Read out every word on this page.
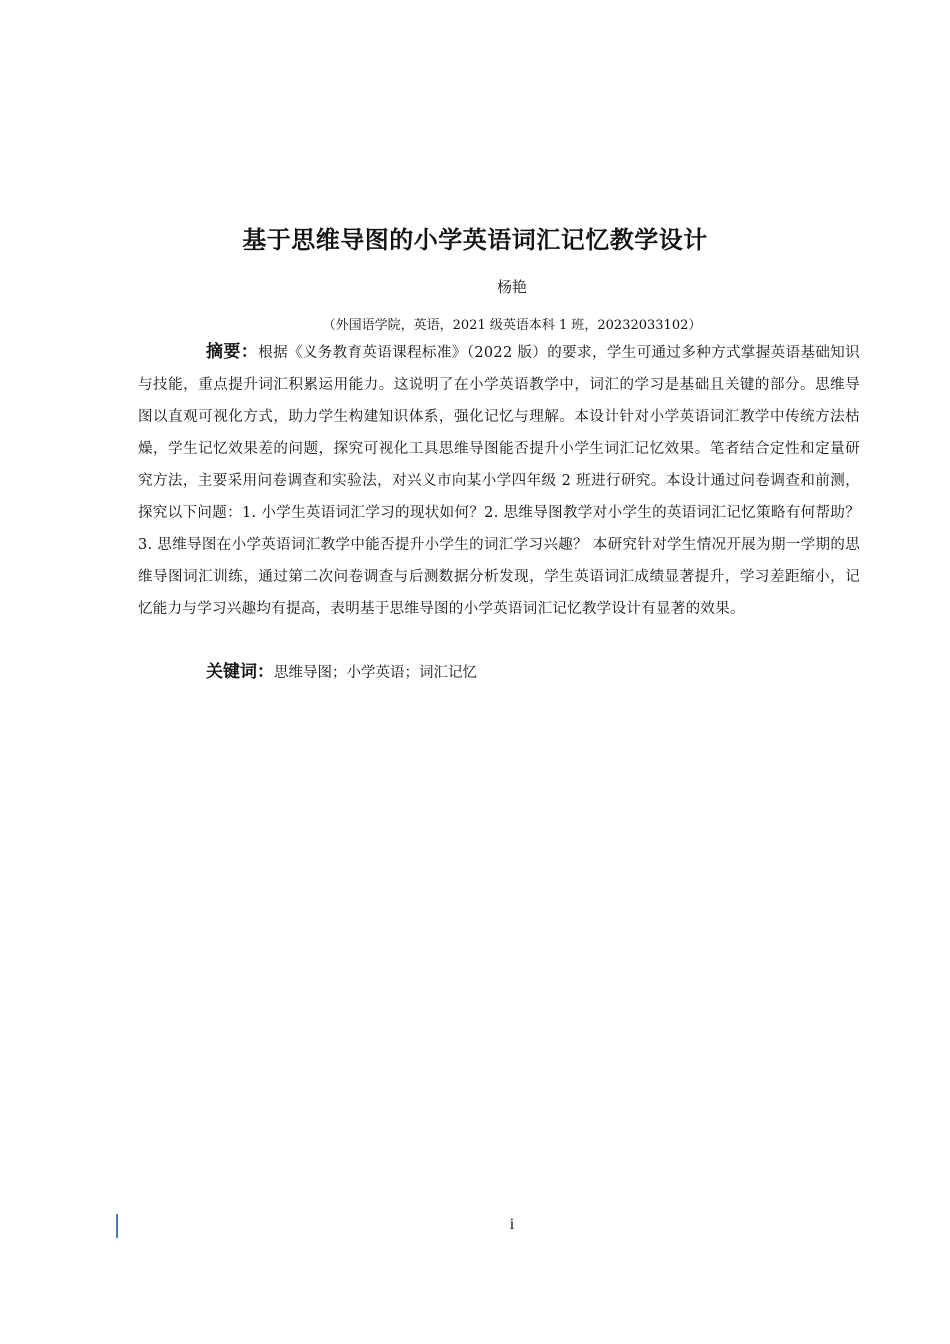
基于思维导图的小学英语词汇记忆教学设计
杨艳
（外国语学院，英语，2021 级英语本科 1 班，20232033102）

摘要：根据《义务教育英语课程标准》（2022 版）的要求，学生可通过多种方式掌握英语基础知识与技能，重点提升词汇积累运用能力。这说明了在小学英语教学中，词汇的学习是基础且关键的部分。思维导图以直观可视化方式，助力学生构建知识体系，强化记忆与理解。本设计针对小学英语词汇教学中传统方法枯燥，学生记忆效果差的问题，探究可视化工具思维导图能否提升小学生词汇记忆效果。笔者结合定性和定量研究方法，主要采用问卷调查和实验法，对兴义市向某小学四年级 2 班进行研究。本设计通过问卷调查和前测，探究以下问题：1. 小学生英语词汇学习的现状如何？2. 思维导图教学对小学生的英语词汇记忆策略有何帮助？3. 思维导图在小学英语词汇教学中能否提升小学生的词汇学习兴趣？ 本研究针对学生情况开展为期一学期的思维导图词汇训练，通过第二次问卷调查与后测数据分析发现，学生英语词汇成绩显著提升，学习差距缩小，记忆能力与学习兴趣均有提高，表明基于思维导图的小学英语词汇记忆教学设计有显著的效果。

关键词：思维导图；小学英语；词汇记忆

i
